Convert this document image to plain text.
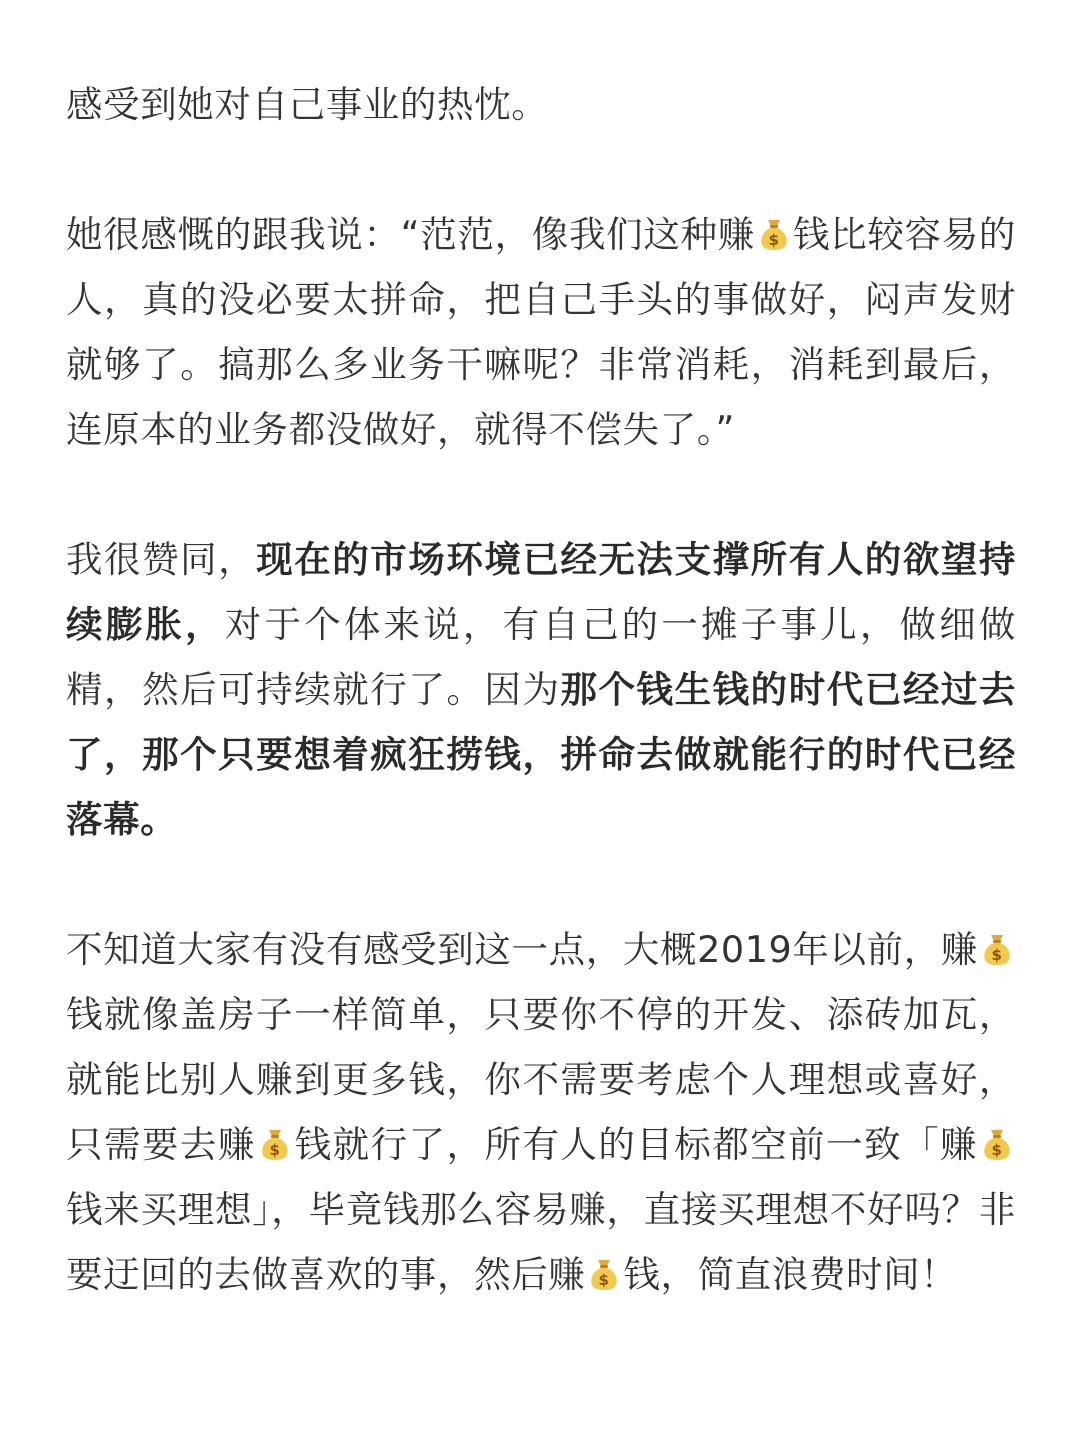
感受到她对自己事业的热忱。

她很感慨的跟我说：“范范，像我们这种赚 钱比较容易的人，真的没必要太拼命，把自己手头的事做好，闷声发财就够了。搞那么多业务干嘛呢？非常消耗，消耗到最后，连原本的业务都没做好，就得不偿失了。”

我很赞同，现在的市场环境已经无法支撑所有人的欲望持续膨胀，对于个体来说，有自己的一摊子事儿，做细做精，然后可持续就行了。因为那个钱生钱的时代已经过去了，那个只要想着疯狂捞钱，拼命去做就能行的时代已经落幕。

不知道大家有没有感受到这一点，大概2019年以前，赚
钱就像盖房子一样简单，只要你不停的开发、添砖加瓦，就能比别人赚到更多钱，你不需要考虑个人理想或喜好，只需要去赚 钱就行了，所有人的目标都空前一致「赚
钱来买理想」，毕竟钱那么容易赚，直接买理想不好吗？非要迂回的去做喜欢的事，然后赚 钱，简直浪费时间！
